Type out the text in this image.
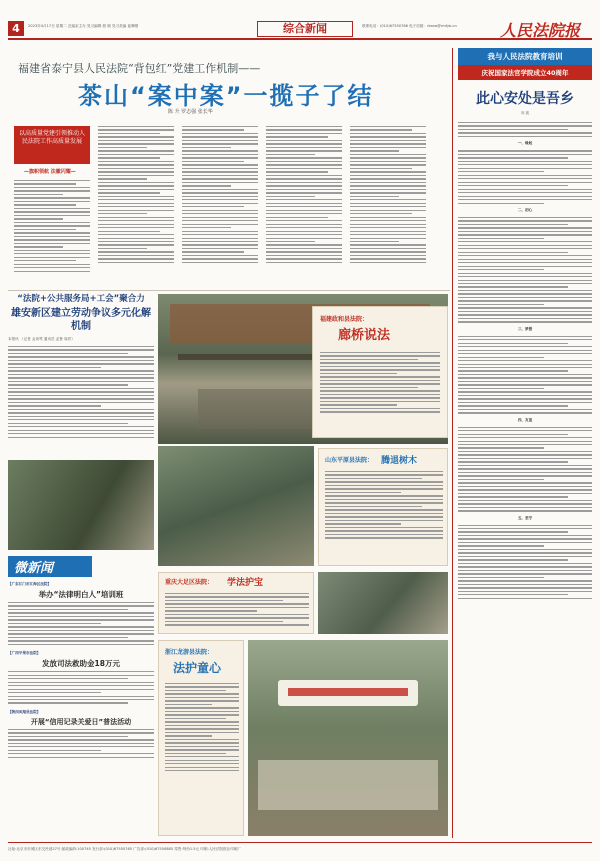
4	2023年4月17日 星期二 总编室主办 见习编辑 照 顾 见习美编 崔卿璧	综合新闻	联系电话：(010)67550766 电子信箱：rbrxw@rmfyb.cn	人民法院报
福建省泰宁县人民法院“背包红”党建工作机制——
茶山“案中案”一揽子了结
陈 升 罗志强 张长华
以高质量党建引领推动人民法院工作高质量发展
—旗帜领航 法徽闪耀—
“法院+公共服务局+工会”聚合力
雄安新区建立劳动争议多元化解机制
本报讯 （记者 金凤琴 通讯员 孟鲁 周祥）
福建政和县法院：
廊桥说法
山东平原县法院： 腾退树木
微新闻
【广东江门市江海区法院】
举办“法律明白人”培训班
【广西平果市法院】
发放司法救助金18万元
【陕西凤翔县法院】
开展“信用记录关爱日”普法活动
重庆大足区法院： 学法护宝
浙江龙游县法院：
法护童心
我与人民法院教育培训
庆祝国家法官学院成立40周年
此心安处是吾乡
向 凯
一、缘起
二、初心
三、梦想
四、友谊
五、坚守
社址:北京市东城区东交民巷27号 邮政编码:100745 发行部:(010)67550765 广告部:(010)67550885 零售:每份1.5元 印刷:人民法院报社印刷厂
